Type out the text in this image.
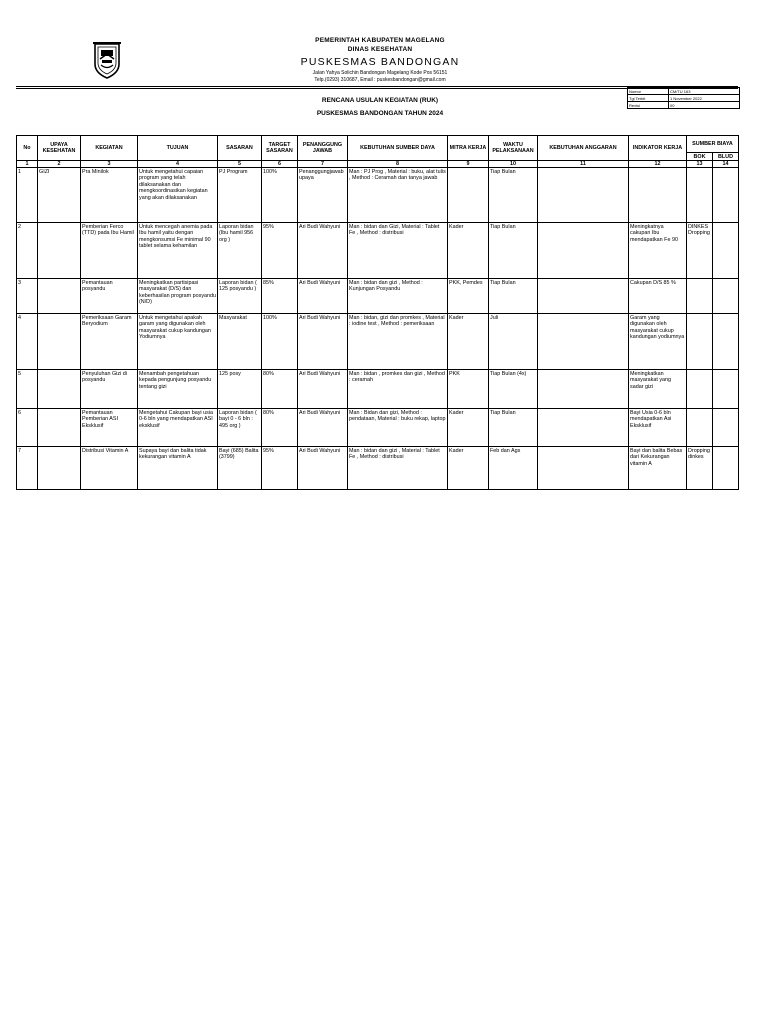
PEMERINTAH KABUPATEN MAGELANG
DINAS KESEHATAN
PUSKESMAS BANDONGAN
Jalan Yahya Solichin Bandongan Magelang Kode Pos 56151
Telp.(0293) 310687, Email : puskesbandongan@gmail.com
Nomor	CM/TU 163
Tgl Terbit	1 November 2022
Revisi	00
RENCANA USULAN KEGIATAN (RUK)
PUSKESMAS BANDONGAN TAHUN 2024
No	UPAYA KESEHATAN	KEGIATAN	TUJUAN	SASARAN	TARGET SASARAN	PENANGGUNG JAWAB	KEBUTUHAN SUMBER DAYA	MITRA KERJA	WAKTU PELAKSANAAN	KEBUTUHAN ANGGARAN	INDIKATOR KERJA	SUMBER BIAYA	
												BOK	BLUD
1	2	3	4	5	6	7	8	9	10	11	12	13	14
1	GIZI	Pra Minilok	Untuk mengetahui capaian program yang telah dilaksanakan dan mengkoordinasikan kegiatan yang akan dilaksanakan	PJ Program	100%	Penanggungjawab upaya	Man : PJ Prog , Material : buku, alat tulis , Method : Ceramah dan tanya jawab		Tiap Bulan				
2		Pemberian Ferco (TTD) pada Ibu Hamil	Untuk mencegah anemia pada Ibu hamil yaitu dengan mengkonsumsi Fe minimal 90 tablet selama kehamilan	Laporan bidan (Ibu hamil 956 org )	95%	Ari Budi Wahyuni	Man : bidan dan Gizi, Material : Tablet Fe , Method : distribusi	Kader	Tiap Bulan		Meningkatnya cakupan Ibu mendapatkan Fe 90	DINKES Dropping	
3		Pemantauan posyandu	Meningkatkan partisipasi masyarakat (D/S) dan keberhasilan program posyandu (N/D)	Laporan bidan ( 125 posyandu )	85%	Ari Budi Wahyuni	Man : bidan dan gizi , Method : Kunjungan Posyandu	PKK, Pemdes	Tiap Bulan		Cakupan D/S 85 %		
4		Pemeriksaan Garam Beryodium	Untuk mengetahui apakah garam yang digunakan oleh masyarakat cukup kandungan Yodiumnya	Masyarakat	100%	Ari Budi Wahyuni	Man : bidan, gizi dan promkes , Material : iodine test , Method : pemeriksaan	Kader	Juli		Garam yang digunakan oleh masyarakat cukup kandungan yodiumnya		
5		Penyuluhan Gizi di posyandu	Menambah pengetahuan kepada pengunjung posyandu tentang gizi	125 posy	80%	Ari Budi Wahyuni	Man : bidan , promkes dan gizi , Method : ceramah	PKK	Tiap Bulan (4x)		Meningkatkan masyarakat yang sadar gizi		
6		Pemantauan Pemberian ASI Eksklusif	Mengetahui Cakupan bayi usia 0-6 bln yang mendapatkan ASI eksklusif	Laporan bidan ( bayi 0 - 6 bln : 495 org )	80%	Ari Budi Wahyuni	Man : Bidan dan gizi, Method : pendataan, Material : buku rekap, laptop	Kader	Tiap Bulan		Bayi Usia 0-6 bln mendapatkan Asi Eksklusif		
7		Distribusi Vitamin A	Supaya bayi dan balita tidak kekurangan vitamin A	Bayi (685) Balita (3799)	95%	Ari Budi Wahyuni	Man : bidan dan gizi , Material : Tablet Fe , Method : distribusi	Kader	Feb dan Ags		Bayi dan balita Bebas dari Kekurangan vitamin A	Dropping dinkes	
